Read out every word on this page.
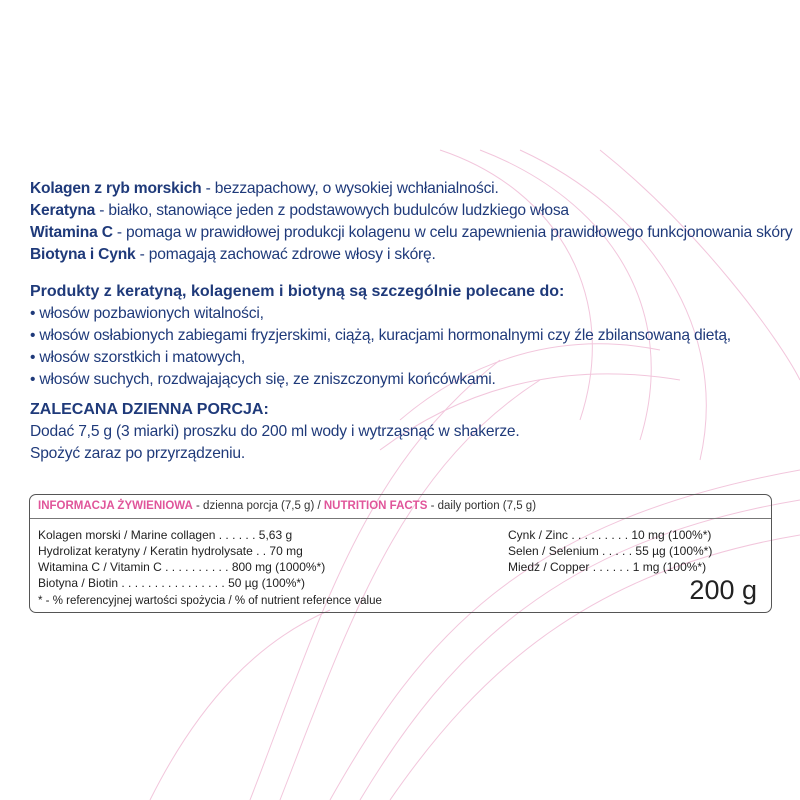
Kolagen z ryb morskich - bezzapachowy, o wysokiej wchłanialności.
Keratyna - białko, stanowiące jeden z podstawowych budulców ludzkiego włosa
Witamina C - pomaga w prawidłowej produkcji kolagenu w celu zapewnienia prawidłowego funkcjonowania skóry
Biotyna i Cynk - pomagają zachować zdrowe włosy i skórę.
Produkty z keratyną, kolagenem i biotyną są szczególnie polecane do:
• włosów pozbawionych witalności,
• włosów osłabionych zabiegami fryzjerskimi, ciążą, kuracjami hormonalnymi czy źle zbilansowaną dietą,
• włosów szorstkich i matowych,
• włosów suchych, rozdwajających się, ze zniszczonymi końcówkami.
ZALECANA DZIENNA PORCJA:
Dodać 7,5 g (3 miarki) proszku do 200 ml wody i wytrząsnąć w shakerze.
Spożyć zaraz po przyrządzeniu.
INFORMACJA ŻYWIENIOWA - dzienna porcja (7,5 g) / NUTRITION FACTS - daily portion (7,5 g)
Kolagen morski / Marine collagen . . . . . . 5,63 g
Hydrolizat keratyny / Keratin hydrolysate . . 70 mg
Witamina C / Vitamin C . . . . . . . . . . 800 mg (1000%*)
Biotyna / Biotin . . . . . . . . . . . . . . . . 50 µg (100%*)
Cynk / Zinc . . . . . . . . . 10 mg (100%*)
Selen / Selenium . . . . . 55 µg (100%*)
Miedź / Copper . . . . . . 1 mg (100%*)
* - % referencyjnej wartości spożycia / % of nutrient reference value	200 g
